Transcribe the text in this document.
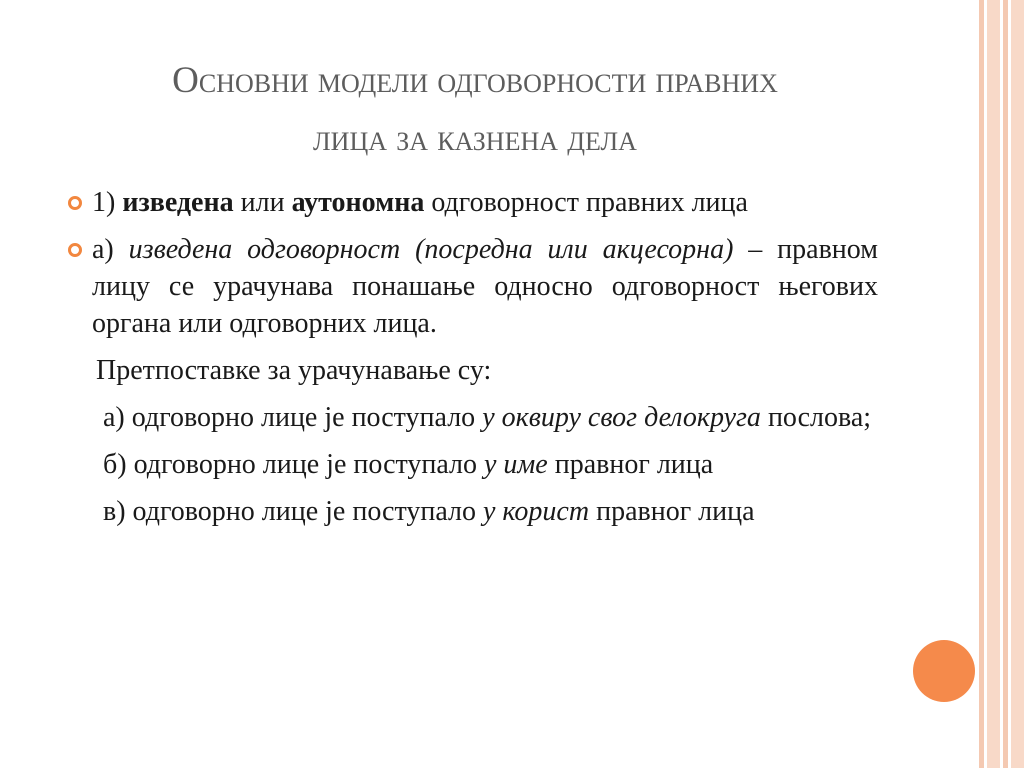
Основни модели одговорности правних
лица за казнена дела

1) изведена или аутономна одговорност правних лица

а) изведена одговорност (посредна или акцесорна) – правном лицу се урачунава понашање односно одговорност његових органа или одговорних лица.

Претпоставке за урачунавање су:

а) одговорно лице је поступало у оквиру свог делокруга послова;

б) одговорно лице је поступало у име правног лица

в) одговорно лице је поступало у корист правног лица
